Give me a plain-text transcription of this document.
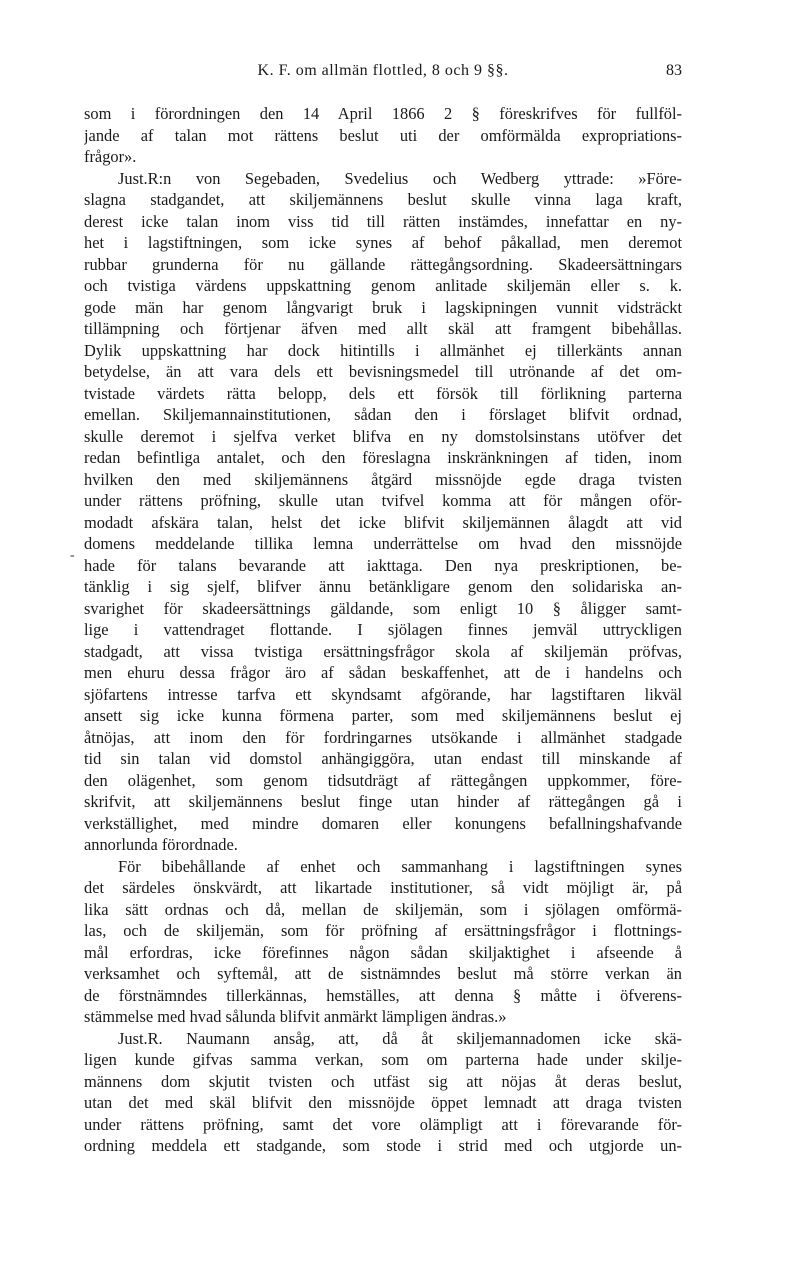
K. F. om allmän flottled, 8 och 9 §§.	83
-
som i förordningen den 14 April 1866 2 § föreskrifves för fullföl-
jande af talan mot rättens beslut uti der omförmälda expropriations-
frågor».
Just.R:n von Segebaden, Svedelius och Wedberg yttrade: »Före-
slagna stadgandet, att skiljemännens beslut skulle vinna laga kraft,
derest icke talan inom viss tid till rätten instämdes, innefattar en ny-
het i lagstiftningen, som icke synes af behof påkallad, men deremot
rubbar grunderna för nu gällande rättegångsordning. Skadeersättningars
och tvistiga värdens uppskattning genom anlitade skiljemän eller s. k.
gode män har genom långvarigt bruk i lagskipningen vunnit vidsträckt
tillämpning och förtjenar äfven med allt skäl att framgent bibehållas.
Dylik uppskattning har dock hitintills i allmänhet ej tillerkänts annan
betydelse, än att vara dels ett bevisningsmedel till utrönande af det om-
tvistade värdets rätta belopp, dels ett försök till förlikning parterna
emellan. Skiljemannainstitutionen, sådan den i förslaget blifvit ordnad,
skulle deremot i sjelfva verket blifva en ny domstolsinstans utöfver det
redan befintliga antalet, och den föreslagna inskränkningen af tiden, inom
hvilken den med skiljemännens åtgärd missnöjde egde draga tvisten
under rättens pröfning, skulle utan tvifvel komma att för mången oför-
modadt afskära talan, helst det icke blifvit skiljemännen ålagdt att vid
domens meddelande tillika lemna underrättelse om hvad den missnöjde
hade för talans bevarande att iakttaga. Den nya preskriptionen, be-
tänklig i sig sjelf, blifver ännu betänkligare genom den solidariska an-
svarighet för skadeersättnings gäldande, som enligt 10 § åligger samt-
lige i vattendraget flottande. I sjölagen finnes jemväl uttryckligen
stadgadt, att vissa tvistiga ersättningsfrågor skola af skiljemän pröfvas,
men ehuru dessa frågor äro af sådan beskaffenhet, att de i handelns och
sjöfartens intresse tarfva ett skyndsamt afgörande, har lagstiftaren likväl
ansett sig icke kunna förmena parter, som med skiljemännens beslut ej
åtnöjas, att inom den för fordringarnes utsökande i allmänhet stadgade
tid sin talan vid domstol anhängiggöra, utan endast till minskande af
den olägenhet, som genom tidsutdrägt af rättegången uppkommer, före-
skrifvit, att skiljemännens beslut finge utan hinder af rättegången gå i
verkställighet, med mindre domaren eller konungens befallningshafvande
annorlunda förordnade.
För bibehållande af enhet och sammanhang i lagstiftningen synes
det särdeles önskvärdt, att likartade institutioner, så vidt möjligt är, på
lika sätt ordnas och då, mellan de skiljemän, som i sjölagen omförmä-
las, och de skiljemän, som för pröfning af ersättningsfrågor i flottnings-
mål erfordras, icke förefinnes någon sådan skiljaktighet i afseende å
verksamhet och syftemål, att de sistnämndes beslut må större verkan än
de förstnämndes tillerkännas, hemställes, att denna § måtte i öfverens-
stämmelse med hvad sålunda blifvit anmärkt lämpligen ändras.»
Just.R. Naumann ansåg, att, då åt skiljemannadomen icke skä-
ligen kunde gifvas samma verkan, som om parterna hade under skilje-
männens dom skjutit tvisten och utfäst sig att nöjas åt deras beslut,
utan det med skäl blifvit den missnöjde öppet lemnadt att draga tvisten
under rättens pröfning, samt det vore olämpligt att i förevarande för-
ordning meddela ett stadgande, som stode i strid med och utgjorde un-
